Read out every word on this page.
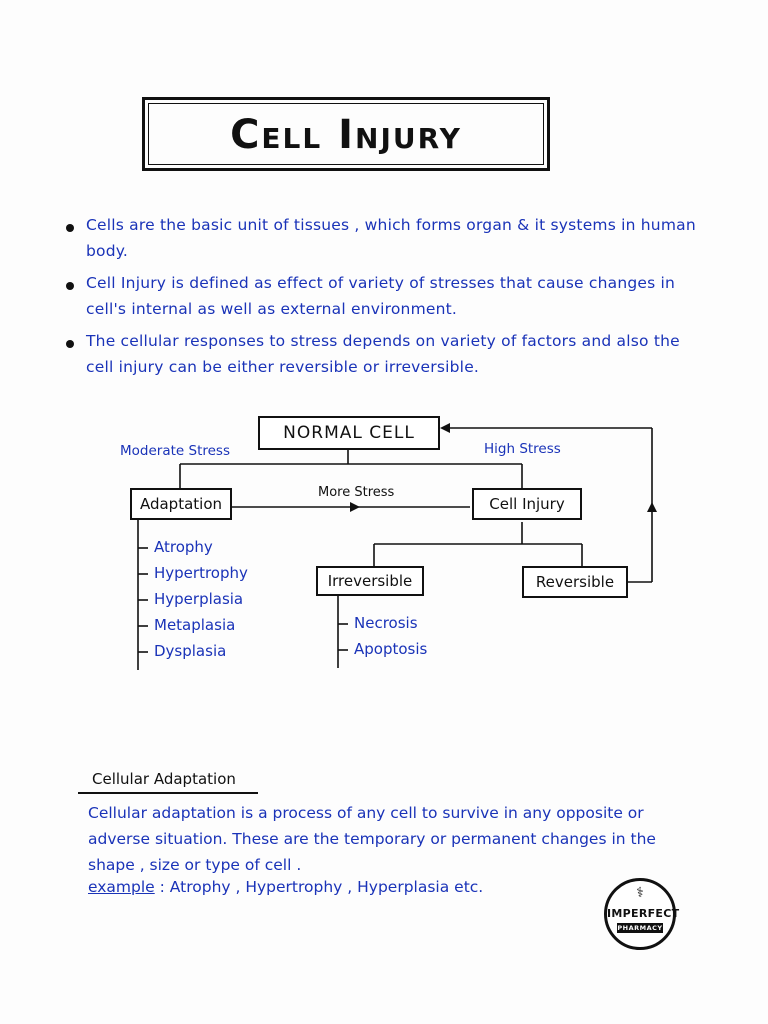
Cell Injury
Cells are the basic unit of tissues , which forms organ & it systems in human body.
Cell Injury is defined as effect of variety of stresses that cause changes in cell's internal as well as external environment.
The cellular responses to stress depends on variety of factors and also the cell injury can be either reversible or irreversible.
NORMAL CELL
Moderate Stress	High Stress
Adaptation
More Stress
Cell Injury
Irreversible	Reversible
Atrophy
Hypertrophy
Hyperplasia
Metaplasia
Dysplasia
Necrosis
Apoptosis
Cellular Adaptation
Cellular adaptation is a process of any cell to survive in any opposite or adverse situation. These are the temporary or permanent changes in the shape , size or type of cell .
example : Atrophy , Hypertrophy , Hyperplasia etc.	⚕
IMPERFECT
PHARMACY
